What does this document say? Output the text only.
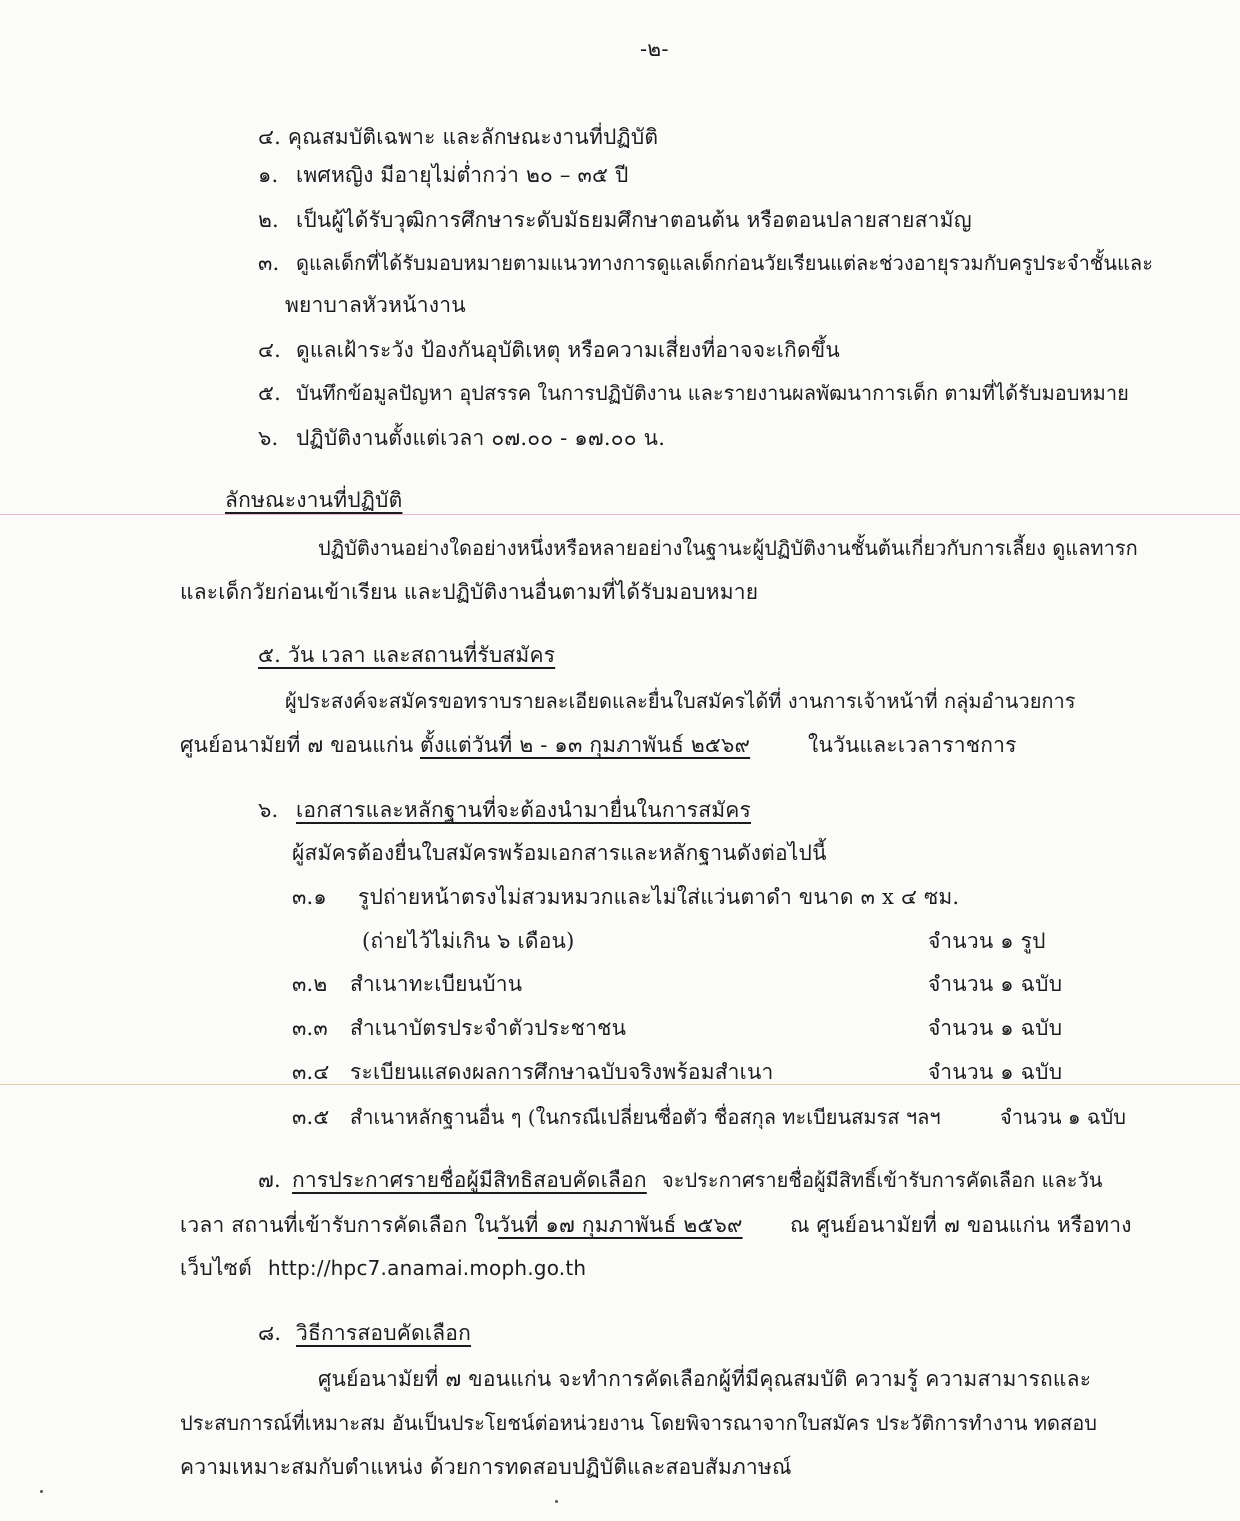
-๒-
๔. คุณสมบัติเฉพาะ และลักษณะงานที่ปฏิบัติ
๑. เพศหญิง มีอายุไม่ต่ำกว่า ๒๐ – ๓๕ ปี
๒. เป็นผู้ได้รับวุฒิการศึกษาระดับมัธยมศึกษาตอนต้น หรือตอนปลายสายสามัญ
๓. ดูแลเด็กที่ได้รับมอบหมายตามแนวทางการดูแลเด็กก่อนวัยเรียนแต่ละช่วงอายุรวมกับครูประจำชั้นและ
พยาบาลหัวหน้างาน
๔. ดูแลเฝ้าระวัง ป้องกันอุบัติเหตุ หรือความเสี่ยงที่อาจจะเกิดขึ้น
๕. บันทึกข้อมูลปัญหา อุปสรรค ในการปฏิบัติงาน และรายงานผลพัฒนาการเด็ก ตามที่ได้รับมอบหมาย
๖. ปฏิบัติงานตั้งแต่เวลา ๐๗.๐๐ - ๑๗.๐๐ น.
ลักษณะงานที่ปฏิบัติ
ปฏิบัติงานอย่างใดอย่างหนึ่งหรือหลายอย่างในฐานะผู้ปฏิบัติงานชั้นต้นเกี่ยวกับการเลี้ยง ดูแลทารก
และเด็กวัยก่อนเข้าเรียน และปฏิบัติงานอื่นตามที่ได้รับมอบหมาย
๕. วัน เวลา และสถานที่รับสมัคร
ผู้ประสงค์จะสมัครขอทราบรายละเอียดและยื่นใบสมัครได้ที่ งานการเจ้าหน้าที่ กลุ่มอำนวยการ
ศูนย์อนามัยที่ ๗ ขอนแก่น ตั้งแต่วันที่ ๒ - ๑๓ กุมภาพันธ์ ๒๕๖๙	ในวันและเวลาราชการ
๖. เอกสารและหลักฐานที่จะต้องนำมายื่นในการสมัคร
ผู้สมัครต้องยื่นใบสมัครพร้อมเอกสารและหลักฐานดังต่อไปนี้
๓.๑ รูปถ่ายหน้าตรงไม่สวมหมวกและไม่ใส่แว่นตาดำ ขนาด ๓ x ๔ ซม.
(ถ่ายไว้ไม่เกิน ๖ เดือน)	จำนวน ๑ รูป
๓.๒ สำเนาทะเบียนบ้าน	จำนวน ๑ ฉบับ
๓.๓ สำเนาบัตรประจำตัวประชาชน	จำนวน ๑ ฉบับ
๓.๔ ระเบียนแสดงผลการศึกษาฉบับจริงพร้อมสำเนา	จำนวน ๑ ฉบับ
๓.๕ สำเนาหลักฐานอื่น ๆ (ในกรณีเปลี่ยนชื่อตัว ชื่อสกุล ทะเบียนสมรส ฯลฯ	จำนวน ๑ ฉบับ
๗. การประกาศรายชื่อผู้มีสิทธิสอบคัดเลือก จะประกาศรายชื่อผู้มีสิทธิ์เข้ารับการคัดเลือก และวัน
เวลา สถานที่เข้ารับการคัดเลือก ใน
วันที่ ๑๗ กุมภาพันธ์ ๒๕๖๙ ณ ศูนย์อนามัยที่ ๗ ขอนแก่น หรือทาง
เว็บไซต์ http://hpc7.anamai.moph.go.th
๘. วิธีการสอบคัดเลือก
ศูนย์อนามัยที่ ๗ ขอนแก่น จะทำการคัดเลือกผู้ที่มีคุณสมบัติ ความรู้ ความสามารถและ
ประสบการณ์ที่เหมาะสม อันเป็นประโยชน์ต่อหน่วยงาน โดยพิจารณาจากใบสมัคร ประวัติการทำงาน ทดสอบ
ความเหมาะสมกับตำแหน่ง ด้วยการทดสอบปฏิบัติและสอบสัมภาษณ์
